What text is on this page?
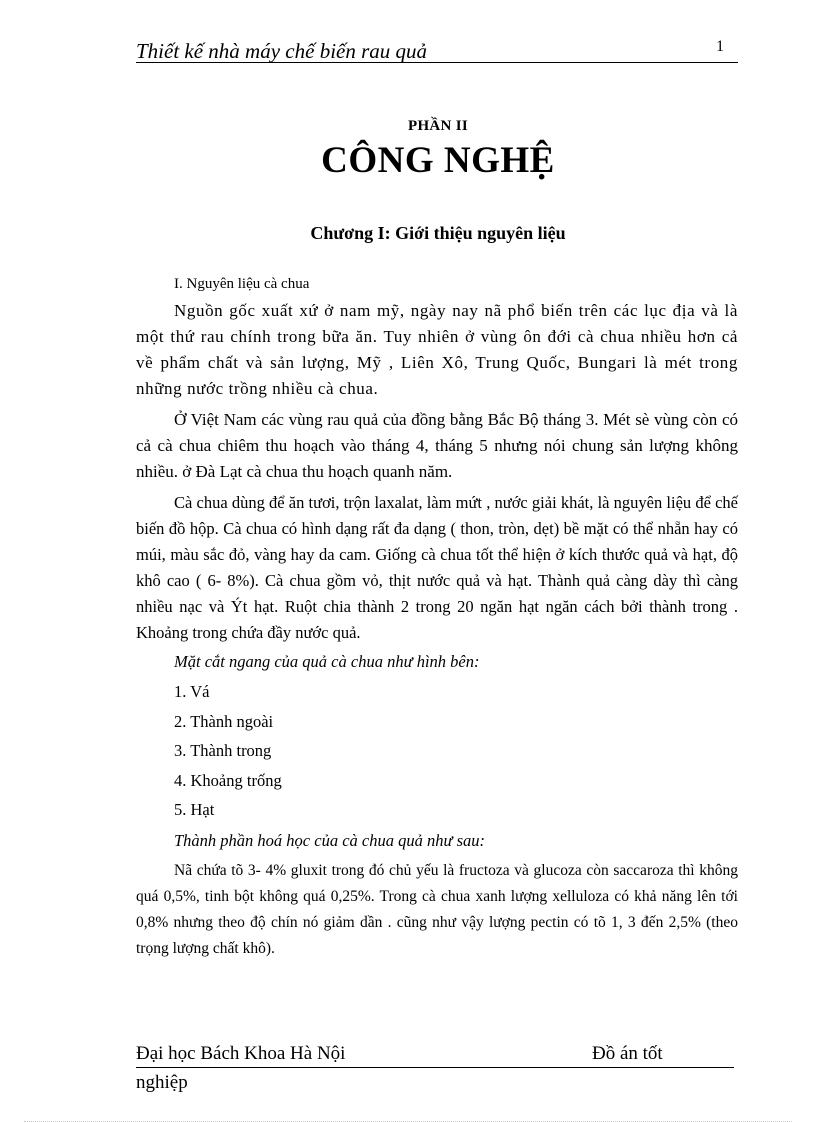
Thiết kế nhà máy chế biến rau quả	1
PHẦN II
CÔNG NGHỆ
Chương I: Giới thiệu nguyên liệu

I. Nguyên liệu cà chua

Nguồn gốc xuất xứ ở nam mỹ, ngày nay nã phổ biến trên các lục địa và là một thứ rau chính trong bữa ăn. Tuy nhiên ở vùng ôn đới cà chua nhiều hơn cả về phẩm chất và sản lượng, Mỹ , Liên Xô, Trung Quốc, Bungari là mét trong những nước trồng nhiều cà chua.

Ở Việt Nam các vùng rau quả của đồng bằng Bắc Bộ tháng 3. Mét sè vùng còn có cả cà chua chiêm thu hoạch vào tháng 4, tháng 5 nhưng nói chung sản lượng không nhiều. ở Đà Lạt cà chua thu hoạch quanh năm.

Cà chua dùng để ăn tươi, trộn laxalat, làm mứt , nước giải khát, là nguyên liệu để chế biến đồ hộp. Cà chua có hình dạng rất đa dạng ( thon, tròn, dẹt) bề mặt có thể nhẵn hay có múi, màu sắc đỏ, vàng hay da cam. Giống cà chua tốt thể hiện ở kích thước quả và hạt, độ khô cao ( 6- 8%). Cà chua gồm vỏ, thịt nước quả và hạt. Thành quả càng dày thì càng nhiều nạc và Ýt hạt. Ruột chia thành 2 trong 20 ngăn hạt ngăn cách bởi thành trong . Khoảng trong chứa đầy nước quả.

Mặt cắt ngang của quả cà chua như hình bên:

1. Vá
2. Thành ngoài
3. Thành trong
4. Khoảng trống
5. Hạt

Thành phần hoá học của cà chua quả như sau:

Nã chứa tõ 3- 4% gluxit trong đó chủ yếu là fructoza và glucoza còn saccaroza thì không quá 0,5%, tinh bột không quá 0,25%. Trong cà chua xanh lượng xelluloza có khả năng lên tới 0,8% nhưng theo độ chín nó giảm dần . cũng như vậy lượng pectin có tõ 1, 3 đến 2,5% (theo trọng lượng chất khô).

Đại học Bách Khoa Hà Nội	Đồ án tốt
nghiệp
